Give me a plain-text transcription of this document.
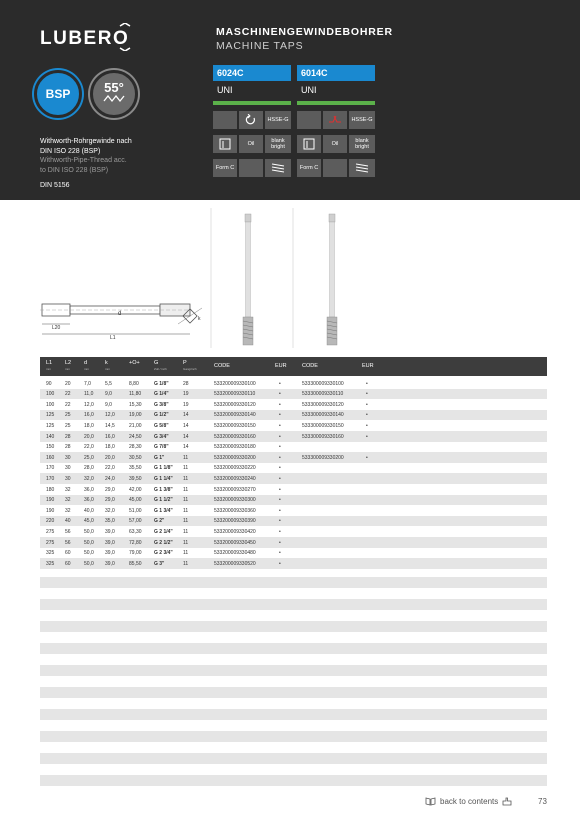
LUBERO	MASCHINENGEWINDEBOHRER
MACHINE TAPS
BSP	55°
Withworth-Rohrgewinde nach
DIN ISO 228 (BSP)
Withworth-Pipe-Thread acc.
to DIN ISO 228 (BSP)
DIN 5156
6024C
UNI
HSSE-G
Oil	blank bright
Form C
6014C
UNI
HSSE-G
Oil	blank bright
Form C
L20
L1
d
k
L1
mm
L2
mm
d
mm
k
mm
+O+	G
Zoll / inch
P
Gang/inch	CODE	EUR	CODE	EUR
90	20	7,0	5,5	8,80	G 1/8"	28	533200009330100	•	533300009330100	•
100 22	11,0 9,0	11,80	G 1/4"	19	533200009330110	•	533300009330110	•
100 22	12,0 9,0	15,30 G 3/8"	19	533200009330120	•	533300009330120	•
125 25	16,0 12,0	19,00 G 1/2"	14	533200009330140	•	533300009330140	•
125 25	18,0 14,5	21,00 G 5/8"	14	533200009330150	•	533300009330150	•
140 28	20,0 16,0	24,50 G 3/4"	14	533200009330160	•	533300009330160	•
150 28	22,0 18,0	28,30 G 7/8"	14	533200009330180	•
160 30	25,0 20,0	30,50 G 1"	11	533200009330200	•	533300009330200	•
170 30	28,0 22,0	35,50 G 1 1/8" 11	533200009330220	•
170 30	32,0 24,0	39,50 G 1 1/4" 11	533200009330240	•
180 32	36,0 29,0	42,00 G 1 3/8" 11	533200009330270	•
190 32	36,0 29,0	45,00 G 1 1/2" 11	533200009330300	•
190 32	40,0 32,0	51,00 G 1 3/4" 11	533200009330360	•
220 40	45,0 35,0	57,00 G 2"	11	533200009330390	•
275 56	50,0 39,0	63,30 G 2 1/4" 11	533200009330420	•
275 56	50,0 39,0	72,80 G 2 1/2" 11	533200009330450	•
325 60	50,0 39,0	79,00 G 2 3/4" 11	533200009330480	•
325 60	50,0 39,0	85,50 G 3"	11	533200009330520	•
back to contents	73
